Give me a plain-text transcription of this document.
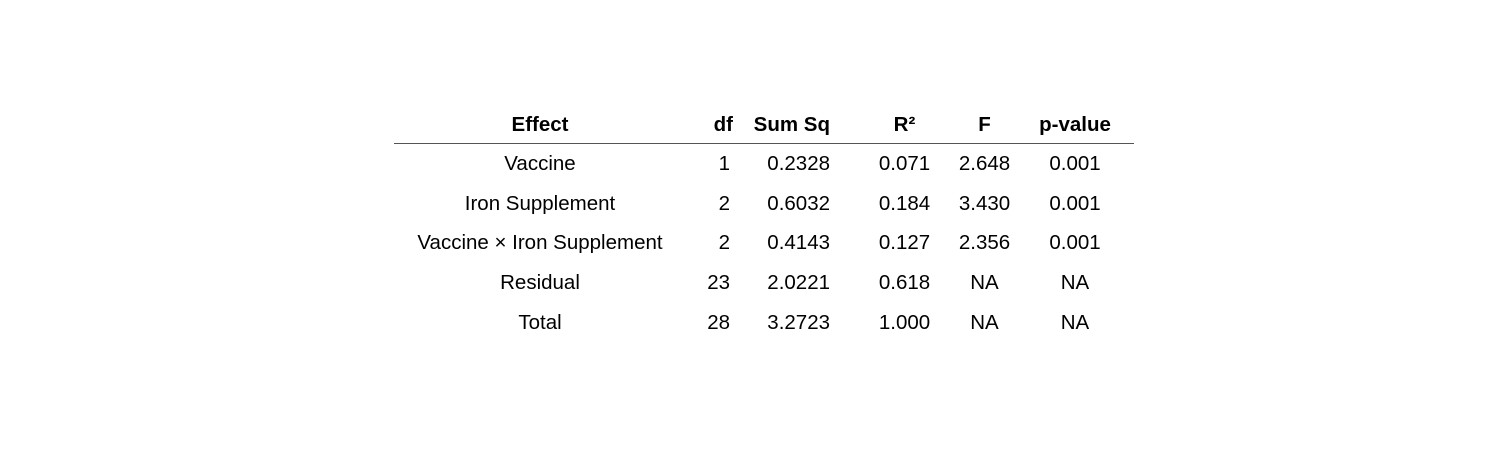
Effect	df	Sum Sq	R²	F	p-value
Vaccine	1	0.2328	0.071	2.648	0.001
Iron Supplement	2	0.6032	0.184	3.430	0.001
Vaccine × Iron Supplement	2	0.4143	0.127	2.356	0.001
Residual	23	2.0221	0.618	NA	NA
Total	28	3.2723	1.000	NA	NA
